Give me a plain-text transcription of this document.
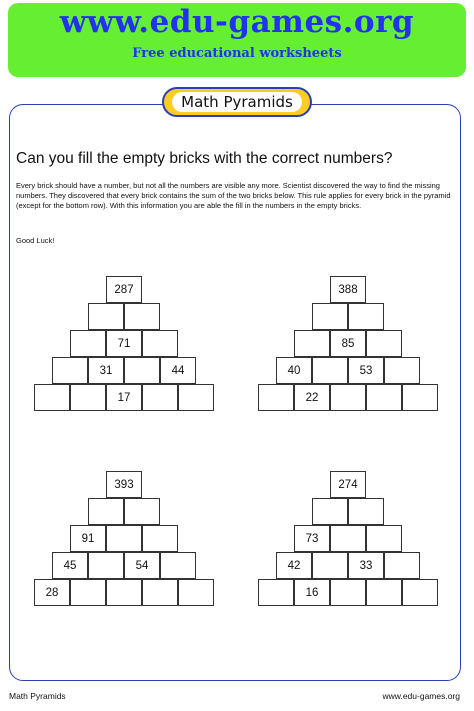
www.edu-games.org
Free educational worksheets
Math Pyramids
Can you fill the empty bricks with the correct numbers?
Every brick should have a number, but not all the numbers are visible any more. Scientist discovered the way to find the missing numbers. They discovered that every brick contains the sum of the two bricks below. This rule applies for every brick in the pyramid (except for the bottom row). With this information you are able the fill in the numbers in the empty bricks.
Good Luck!
287
71
31	44
17
388
85
40	53
22
393
91
45	54
28
274
73
42	33
16
Math Pyramids	www.edu-games.org
